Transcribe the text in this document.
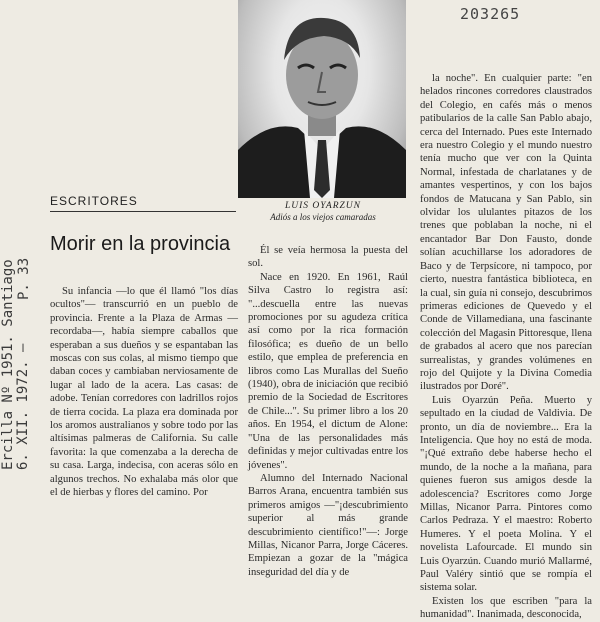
Ercilla Nº 1951. Santiago 6. XII. 1972. —
P. 33
203265
LUIS OYARZUN
Adiós a los viejos camaradas
ESCRITORES
Morir en la provincia

Su infancia —lo que él llamó "los días ocultos"— transcurrió en un pueblo de provincia. Frente a la Plaza de Armas —recordaba—, había siempre caballos que esperaban a sus dueños y se espantaban las moscas con sus colas, al mismo tiempo que daban coces y cambiaban nerviosamente de lugar al lado de la acera. Las casas: de adobe. Tenían corredores con ladrillos rojos de tierra cocida. La plaza era dominada por los aromos australianos y sobre todo por las altísimas palmeras de California. Su calle favorita: la que comenzaba a la derecha de su casa. Larga, indecisa, con aceras sólo en algunos trechos. No exhalaba más olor que el de hierbas y flores del camino. Por

Él se veía hermosa la puesta del sol.

Nace en 1920. En 1961, Raúl Silva Castro lo registra así: "...descuella entre las nuevas promociones por su agudeza crítica así como por la rica formación filosófica; es dueño de un bello estilo, que emplea de preferencia en libros como Las Murallas del Sueño (1940), obra de iniciación que recibió premio de la Sociedad de Escritores de Chile...". Su primer libro a los 20 años. En 1954, el dictum de Alone: "Una de las personalidades más definidas y mejor cultivadas entre los jóvenes".

Alumno del Internado Nacional Barros Arana, encuentra también sus primeros amigos —"¡descubrimiento superior al más grande descubrimiento científico!"—: Jorge Millas, Nicanor Parra, Jorge Cáceres. Empiezan a gozar de la "mágica inseguridad del día y de

la noche". En cualquier parte: "en helados rincones corredores claustrados del Colegio, en cafés más o menos patibularios de la calle San Pablo abajo, cerca del Internado. Pues este Internado era nuestro Colegio y el mundo nuestro tenía mucho que ver con la Quinta Normal, infestada de charlatanes y de amantes vespertinos, y con los bajos fondos de Matucana y San Pablo, sin olvidar los ululantes pitazos de los trenes que poblaban la noche, ni el encantador Bar Don Fausto, donde solían acuchillarse los adoradores de Baco y de Terpsícore, ni tampoco, por cierto, nuestra fantástica biblioteca, en la cual, sin guía ni consejo, descubrimos primeras ediciones de Quevedo y el Conde de Villamediana, una fascinante colección del Magasin Pittoresque, llena de grabados al acero que nos parecían surrealistas, y grandes volúmenes en rojo del Quijote y la Divina Comedia ilustrados por Doré".

Luis Oyarzún Peña. Muerto y sepultado en la ciudad de Valdivia. De pronto, un día de noviembre... Era la Inteligencia. Que hoy no está de moda. "¡Qué extraño debe haberse hecho el mundo, de la noche a la mañana, para quienes fueron sus amigos desde la adolescencia? Escritores como Jorge Millas, Nicanor Parra. Pintores como Carlos Pedraza. Y el maestro: Roberto Humeres. Y el poeta Molina. Y el novelista Lafourcade. El mundo sin Luis Oyarzún. Cuando murió Mallarmé, Paul Valéry sintió que se rompía el sistema solar.

Existen los que escriben "para la humanidad". Inanimada, desconocida,
